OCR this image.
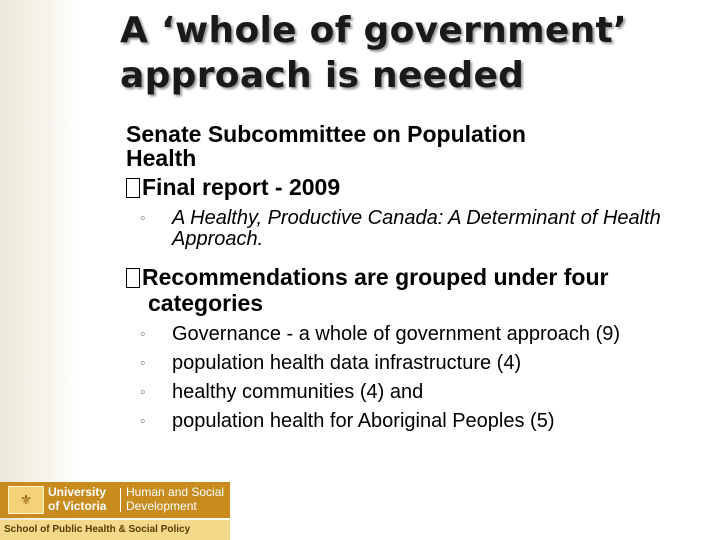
A ‘whole of government’
approach is needed

Senate Subcommittee on Population
Health

Final report - 2009

◦ A Healthy, Productive Canada: A Determinant of Health Approach.

Recommendations are grouped under four categories

◦ Governance - a whole of government approach (9)

◦ population health data infrastructure (4)

◦ healthy communities (4) and

◦ population health for Aboriginal Peoples (5)

⚜ University
of Victoria
Human and Social
Development
School of Public Health & Social Policy
